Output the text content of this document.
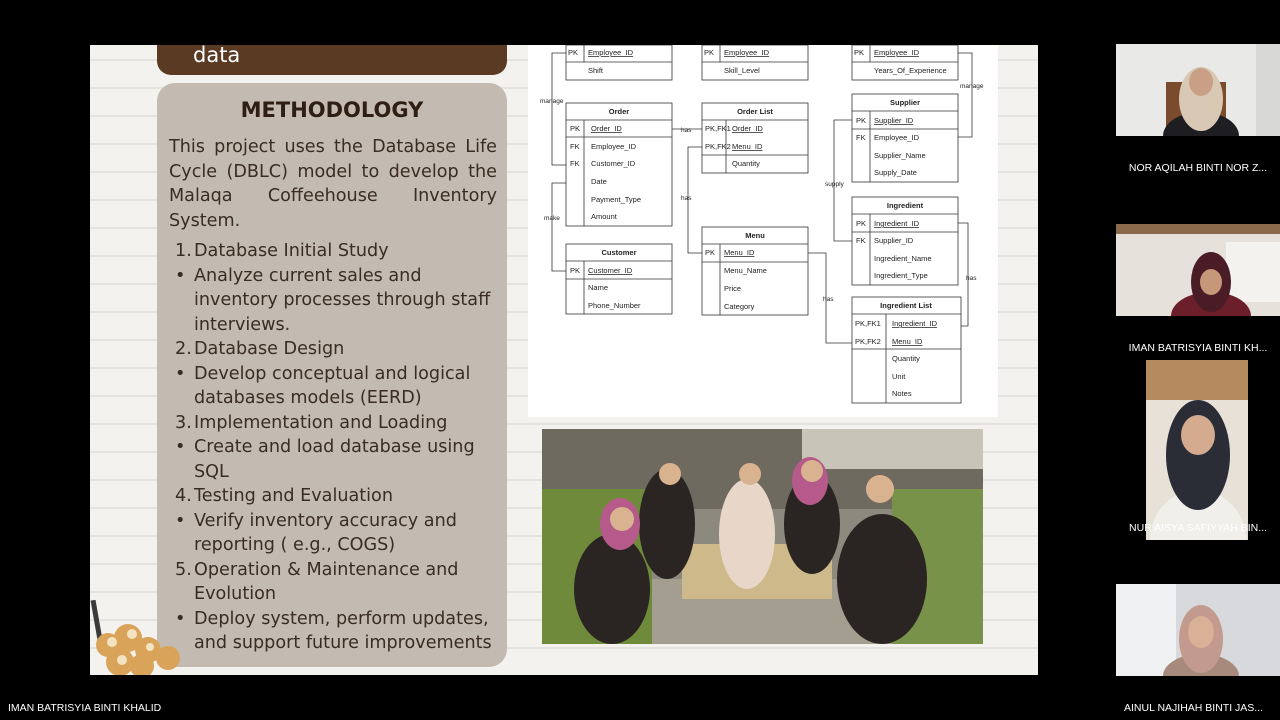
data
METHODOLOGY
This project uses the Database Life
Cycle (DBLC) model to develop the
Malaqa Coffeehouse Inventory
System.
1. Database Initial Study
• Analyze current sales and inventory processes through staff interviews.
2. Database Design
• Develop conceptual and logical databases models (EERD)
3. Implementation and Loading
• Create and load database using SQL
4. Testing and Evaluation
• Verify inventory accuracy and reporting ( e.g., COGS)
5. Operation & Maintenance and Evolution
• Deploy system, perform updates, and support future improvements
PK Employee_ID
Shift
PK Employee_ID
Skill_Level
PK Employee_ID
Years_Of_Experience
Order
PK Order_ID
FK Employee_ID
FK Customer_ID
Date
Payment_Type
Amount
Order List
PK,FK1 Order_ID
PK,FK2 Menu_ID
Quantity
Supplier
PK Supplier_ID
FK Employee_ID
Supplier_Name
Supply_Date
Ingredient
PK Ingredient_ID
FK Supplier_ID
Ingredient_Name
Ingredient_Type
Customer
PK Customer_ID
Name
Phone_Number
Menu
PK Menu_ID
Menu_Name
Price
Category	Ingredient List
PK,FK1 Ingredient_ID
PK,FK2 Menu_ID
Quantity
Unit
Notes
manage
make
has
has
manage
supply
has
has
NOR AQILAH BINTI NOR Z...
IMAN BATRISYIA BINTI KH...
NUR AISYA SAFIYYAH BIN...
AINUL NAJIHAH BINTI JAS...
IMAN BATRISYIA BINTI KHALID
